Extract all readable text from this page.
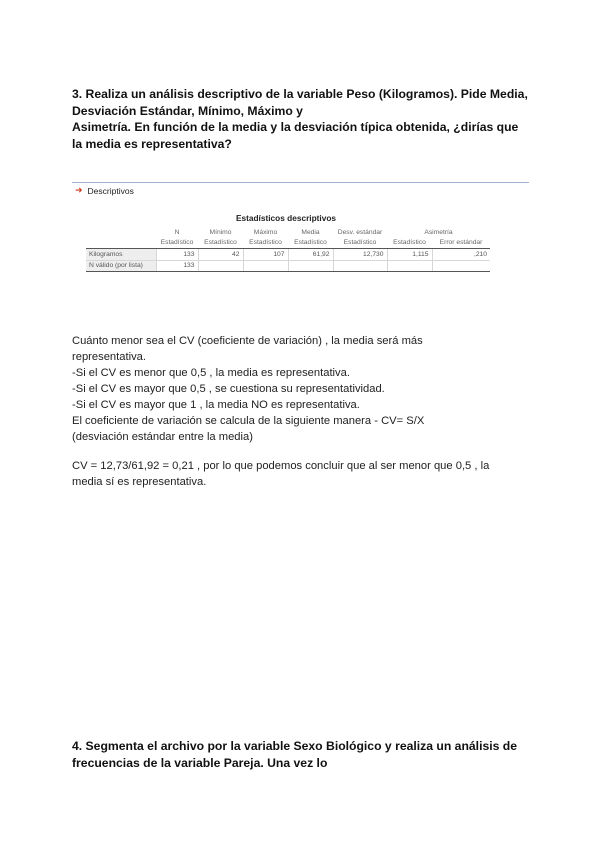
3. Realiza un análisis descriptivo de la variable Peso (Kilogramos). Pide Media,
Desviación Estándar, Mínimo, Máximo y
Asimetría. En función de la media y la desviación típica obtenida, ¿dirías que
la media es representativa?
➜ Descriptivos
Estadísticos descriptivos
	N	Mínimo	Máximo	Media	Desv. estándar	Asimetría	
	Estadístico	Estadístico	Estadístico	Estadístico	Estadístico	Estadístico	Error estándar
Kilogramos	133	42	107	61,92	12,730	1,115	,210
N válido (por lista)	133						

Cuánto menor sea el CV (coeficiente de variación) , la media será más

representativa.

-Si el CV es menor que 0,5 , la media es representativa.

-Si el CV es mayor que 0,5 , se cuestiona su representatividad.

-Si el CV es mayor que 1 , la media NO es representativa.

El coeficiente de variación se calcula de la siguiente manera - CV= S/X

(desviación estándar entre la media)

CV = 12,73/61,92 = 0,21 , por lo que podemos concluir que al ser menor que 0,5 , la

media sí es representativa.

4. Segmenta el archivo por la variable Sexo Biológico y realiza un análisis de
frecuencias de la variable Pareja. Una vez lo
